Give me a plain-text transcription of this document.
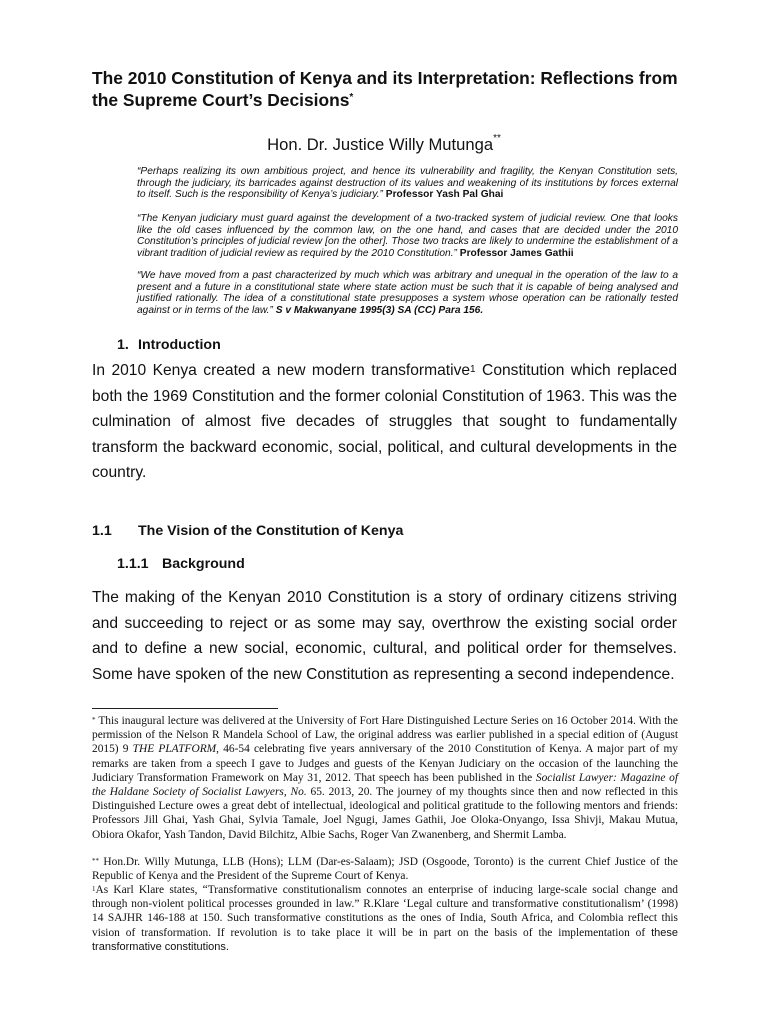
The 2010 Constitution of Kenya and its Interpretation: Reflections from the Supreme Court’s Decisions*
Hon. Dr. Justice Willy Mutunga**
“Perhaps realizing its own ambitious project, and hence its vulnerability and fragility, the Kenyan Constitution sets, through the judiciary, its barricades against destruction of its values and weakening of its institutions by forces external to itself. Such is the responsibility of Kenya’s judiciary.” Professor Yash Pal Ghai
“The Kenyan judiciary must guard against the development of a two-tracked system of judicial review. One that looks like the old cases influenced by the common law, on the one hand, and cases that are decided under the 2010 Constitution’s principles of judicial review [on the other]. Those two tracks are likely to undermine the establishment of a vibrant tradition of judicial review as required by the 2010 Constitution.” Professor James Gathii
“We have moved from a past characterized by much which was arbitrary and unequal in the operation of the law to a present and a future in a constitutional state where state action must be such that it is capable of being analysed and justified rationally. The idea of a constitutional state presupposes a system whose operation can be rationally tested against or in terms of the law.” S v Makwanyane 1995(3) SA (CC) Para 156.
1. Introduction
In 2010 Kenya created a new modern transformative$^1$ Constitution which replaced both the 1969 Constitution and the former colonial Constitution of 1963. This was the culmination of almost five decades of struggles that sought to fundamentally transform the backward economic, social, political, and cultural developments in the country.
1.1 The Vision of the Constitution of Kenya
1.1.1 Background
The making of the Kenyan 2010 Constitution is a story of ordinary citizens striving and succeeding to reject or as some may say, overthrow the existing social order and to define a new social, economic, cultural, and political order for themselves. Some have spoken of the new Constitution as representing a second independence.
* This inaugural lecture was delivered at the University of Fort Hare Distinguished Lecture Series on 16 October 2014. With the permission of the Nelson R Mandela School of Law, the original address was earlier published in a special edition of (August 2015) 9 THE PLATFORM, 46-54 celebrating five years anniversary of the 2010 Constitution of Kenya. A major part of my remarks are taken from a speech I gave to Judges and guests of the Kenyan Judiciary on the occasion of the launching the Judiciary Transformation Framework on May 31, 2012. That speech has been published in the Socialist Lawyer: Magazine of the Haldane Society of Socialist Lawyers, No. 65. 2013, 20. The journey of my thoughts since then and now reflected in this Distinguished Lecture owes a great debt of intellectual, ideological and political gratitude to the following mentors and friends: Professors Jill Ghai, Yash Ghai, Sylvia Tamale, Joel Ngugi, James Gathii, Joe Oloka-Onyango, Issa Shivji, Makau Mutua, Obiora Okafor, Yash Tandon, David Bilchitz, Albie Sachs, Roger Van Zwanenberg, and Shermit Lamba.
** Hon.Dr. Willy Mutunga, LLB (Hons); LLM (Dar-es-Salaam); JSD (Osgoode, Toronto) is the current Chief Justice of the Republic of Kenya and the President of the Supreme Court of Kenya.
$^1$As Karl Klare states, “Transformative constitutionalism connotes an enterprise of inducing large-scale social change and through non-violent political processes grounded in law.” R.Klare ‘Legal culture and transformative constitutionalism’ (1998) 14 SAJHR 146-188 at 150. Such transformative constitutions as the ones of India, South Africa, and Colombia reflect this vision of transformation. If revolution is to take place it will be in part on the basis of the implementation of these transformative constitutions.
